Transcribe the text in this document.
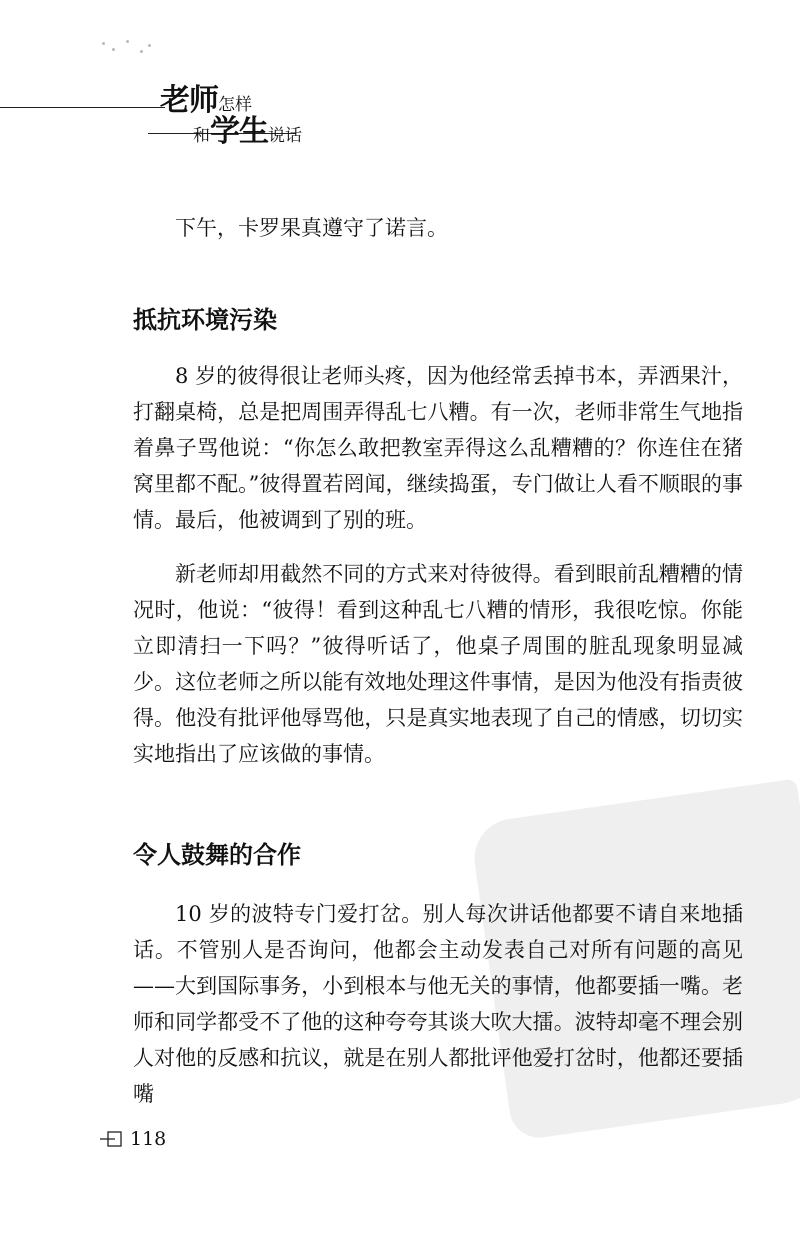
老师怎样
和学生说话

下午，卡罗果真遵守了诺言。

抵抗环境污染

8 岁的彼得很让老师头疼，因为他经常丢掉书本，弄洒果汁，打翻桌椅，总是把周围弄得乱七八糟。有一次，老师非常生气地指着鼻子骂他说：“你怎么敢把教室弄得这么乱糟糟的？你连住在猪窝里都不配。”彼得置若罔闻，继续捣蛋，专门做让人看不顺眼的事情。最后，他被调到了别的班。

新老师却用截然不同的方式来对待彼得。看到眼前乱糟糟的情况时，他说：“彼得！看到这种乱七八糟的情形，我很吃惊。你能立即清扫一下吗？”彼得听话了，他桌子周围的脏乱现象明显减少。这位老师之所以能有效地处理这件事情，是因为他没有指责彼得。他没有批评他辱骂他，只是真实地表现了自己的情感，切切实实地指出了应该做的事情。

令人鼓舞的合作

10 岁的波特专门爱打岔。别人每次讲话他都要不请自来地插话。不管别人是否询问，他都会主动发表自己对所有问题的高见——大到国际事务，小到根本与他无关的事情，他都要插一嘴。老师和同学都受不了他的这种夸夸其谈大吹大擂。波特却毫不理会别人对他的反感和抗议，就是在别人都批评他爱打岔时，他都还要插嘴

118
